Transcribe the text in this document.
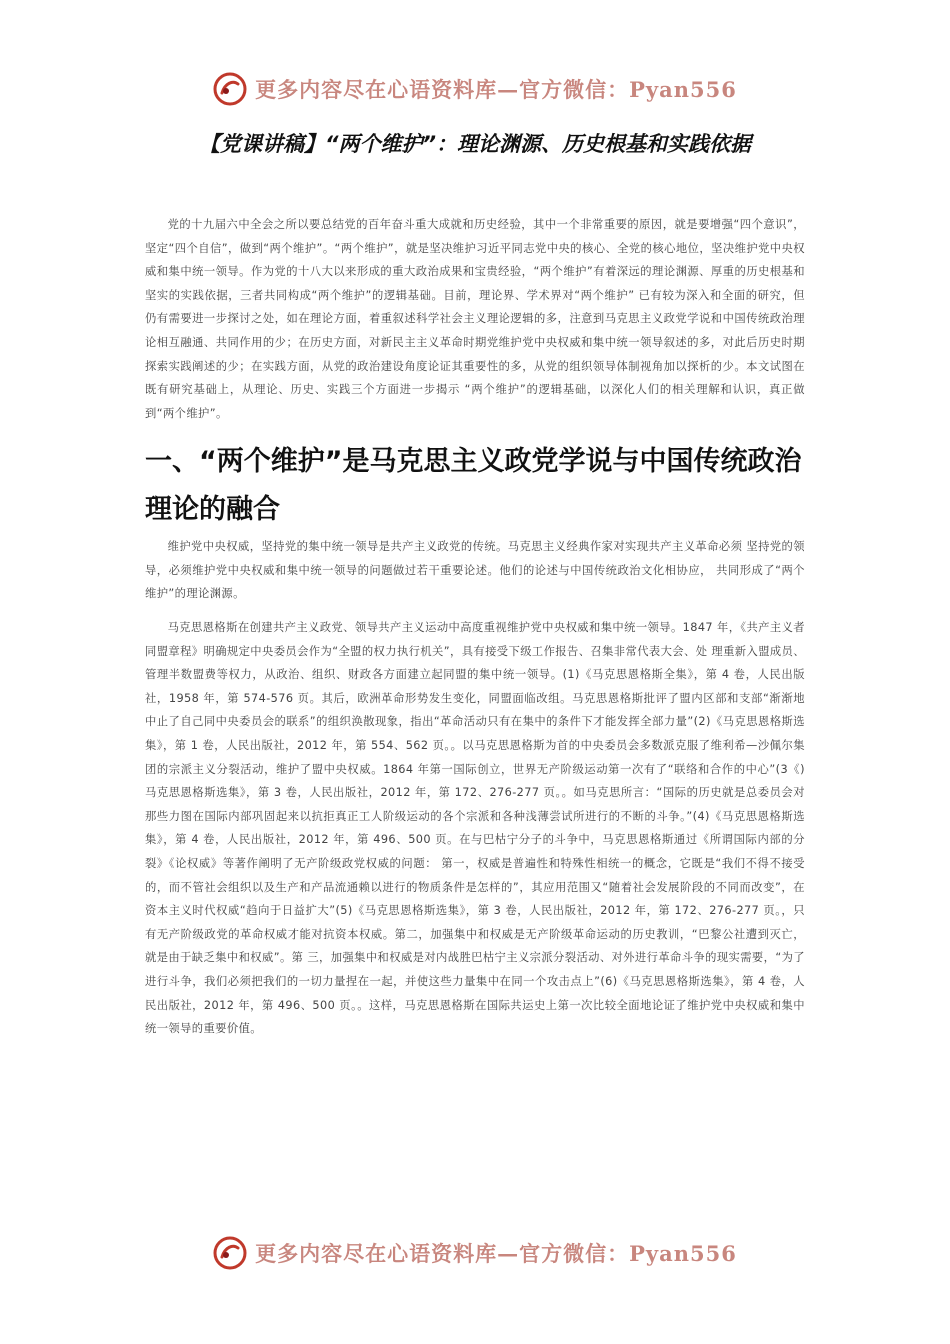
更多内容尽在心语资料库—官方微信：Pyan556
【党课讲稿】“两个维护”：理论渊源、历史根基和实践依据

党的十九届六中全会之所以要总结党的百年奋斗重大成就和历史经验，其中一个非常重要的原因，就是要增强“四个意识”，坚定“四个自信”，做到“两个维护”。“两个维护”，就是坚决维护习近平同志党中央的核心、全党的核心地位，坚决维护党中央权威和集中统一领导。作为党的十八大以来形成的重大政治成果和宝贵经验，“两个维护”有着深远的理论渊源、厚重的历史根基和坚实的实践依据，三者共同构成“两个维护”的逻辑基础。目前，理论界、学术界对“两个维护” 已有较为深入和全面的研究，但仍有需要进一步探讨之处，如在理论方面，着重叙述科学社会主义理论逻辑的多，注意到马克思主义政党学说和中国传统政治理论相互融通、共同作用的少；在历史方面，对新民主主义革命时期党维护党中央权威和集中统一领导叙述的多，对此后历史时期探索实践阐述的少；在实践方面，从党的政治建设角度论证其重要性的多，从党的组织领导体制视角加以探析的少。本文试图在既有研究基础上，从理论、历史、实践三个方面进一步揭示 “两个维护”的逻辑基础，以深化人们的相关理解和认识，真正做到“两个维护”。

一、“两个维护”是马克思主义政党学说与中国传统政治理论的融合

维护党中央权威，坚持党的集中统一领导是共产主义政党的传统。马克思主义经典作家对实现共产主义革命必须 坚持党的领导，必须维护党中央权威和集中统一领导的问题做过若干重要论述。他们的论述与中国传统政治文化相协应， 共同形成了“两个维护”的理论渊源。

马克思恩格斯在创建共产主义政党、领导共产主义运动中高度重视维护党中央权威和集中统一领导。1847 年，《共产主义者同盟章程》明确规定中央委员会作为“全盟的权力执行机关”，具有接受下级工作报告、召集非常代表大会、处 理重新入盟成员、管理半数盟费等权力，从政治、组织、财政各方面建立起同盟的集中统一领导。(1)《马克思恩格斯全集》，第 4 卷，人民出版社，1958 年，第 574-576 页。其后，欧洲革命形势发生变化，同盟面临改组。马克思恩格斯批评了盟内区部和支部“渐渐地中止了自己同中央委员会的联系”的组织涣散现象，指出“革命活动只有在集中的条件下才能发挥全部力量”(2)《马克思恩格斯选集》，第 1 卷，人民出版社，2012 年，第 554、562 页。。以马克思恩格斯为首的中央委员会多数派克服了维利希—沙佩尔集团的宗派主义分裂活动，维护了盟中央权威。1864 年第一国际创立，世界无产阶级运动第一次有了“联络和合作的中心”(3《) 马克思恩格斯选集》，第 3 卷，人民出版社，2012 年，第 172、276-277 页。。如马克思所言：“国际的历史就是总委员会对那些力图在国际内部巩固起来以抗拒真正工人阶级运动的各个宗派和各种浅薄尝试所进行的不断的斗争。”(4)《马克思恩格斯选集》，第 4 卷，人民出版社，2012 年，第 496、500 页。在与巴枯宁分子的斗争中，马克思恩格斯通过《所谓国际内部的分裂》《论权威》等著作阐明了无产阶级政党权威的问题： 第一，权威是普遍性和特殊性相统一的概念，它既是“我们不得不接受的，而不管社会组织以及生产和产品流通赖以进行的物质条件是怎样的”，其应用范围又“随着社会发展阶段的不同而改变”，在资本主义时代权威“趋向于日益扩大”(5)《马克思恩格斯选集》，第 3 卷，人民出版社，2012 年，第 172、276-277 页。，只有无产阶级政党的革命权威才能对抗资本权威。第二，加强集中和权威是无产阶级革命运动的历史教训，“巴黎公社遭到灭亡，就是由于缺乏集中和权威”。第 三，加强集中和权威是对内战胜巴枯宁主义宗派分裂活动、对外进行革命斗争的现实需要，“为了进行斗争，我们必须把我们的一切力量捏在一起，并使这些力量集中在同一个攻击点上”(6)《马克思恩格斯选集》，第 4 卷，人民出版社，2012 年，第 496、500 页。。这样，马克思恩格斯在国际共运史上第一次比较全面地论证了维护党中央权威和集中统一领导的重要价值。

更多内容尽在心语资料库—官方微信：Pyan556
